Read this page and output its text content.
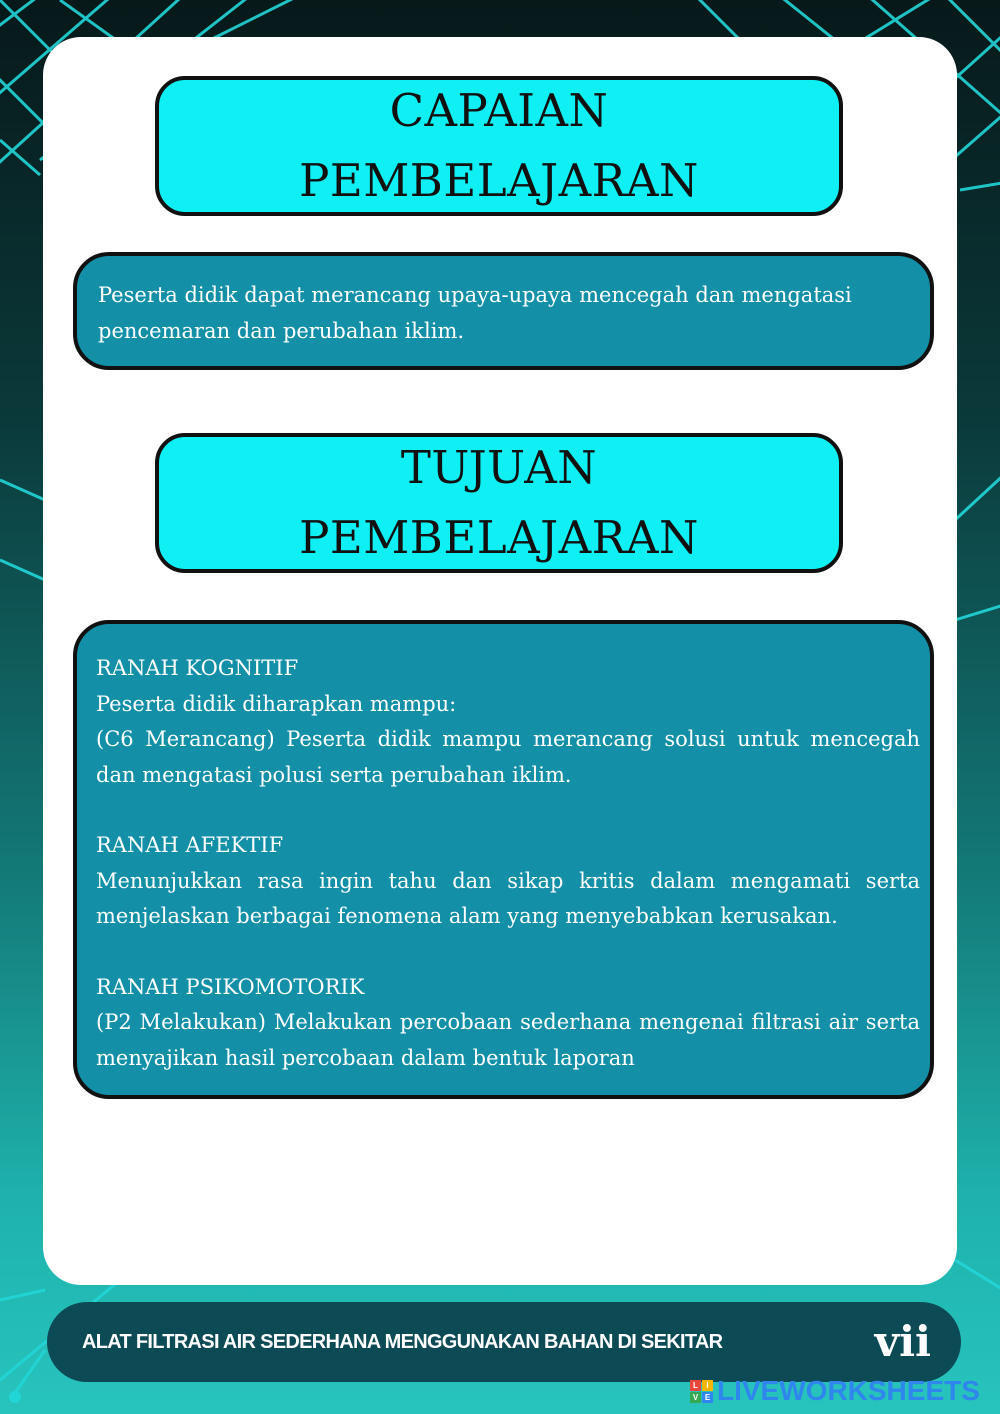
CAPAIAN
PEMBELAJARAN

Peserta didik dapat merancang upaya-upaya mencegah dan mengatasi pencemaran dan perubahan iklim.

TUJUAN
PEMBELAJARAN

RANAH KOGNITIF

Peserta didik diharapkan mampu:

(C6 Merancang) Peserta didik mampu merancang solusi untuk mencegah dan mengatasi polusi serta perubahan iklim.

RANAH AFEKTIF

Menunjukkan rasa ingin tahu dan sikap kritis dalam mengamati serta menjelaskan berbagai fenomena alam yang menyebabkan kerusakan.

RANAH PSIKOMOTORIK

(P2 Melakukan) Melakukan percobaan sederhana mengenai filtrasi air serta menyajikan hasil percobaan dalam bentuk laporan

ALAT FILTRASI AIR SEDERHANA MENGGUNAKAN BAHAN DI SEKITAR	vii
L	I
V E LIVEWORKSHEETS
